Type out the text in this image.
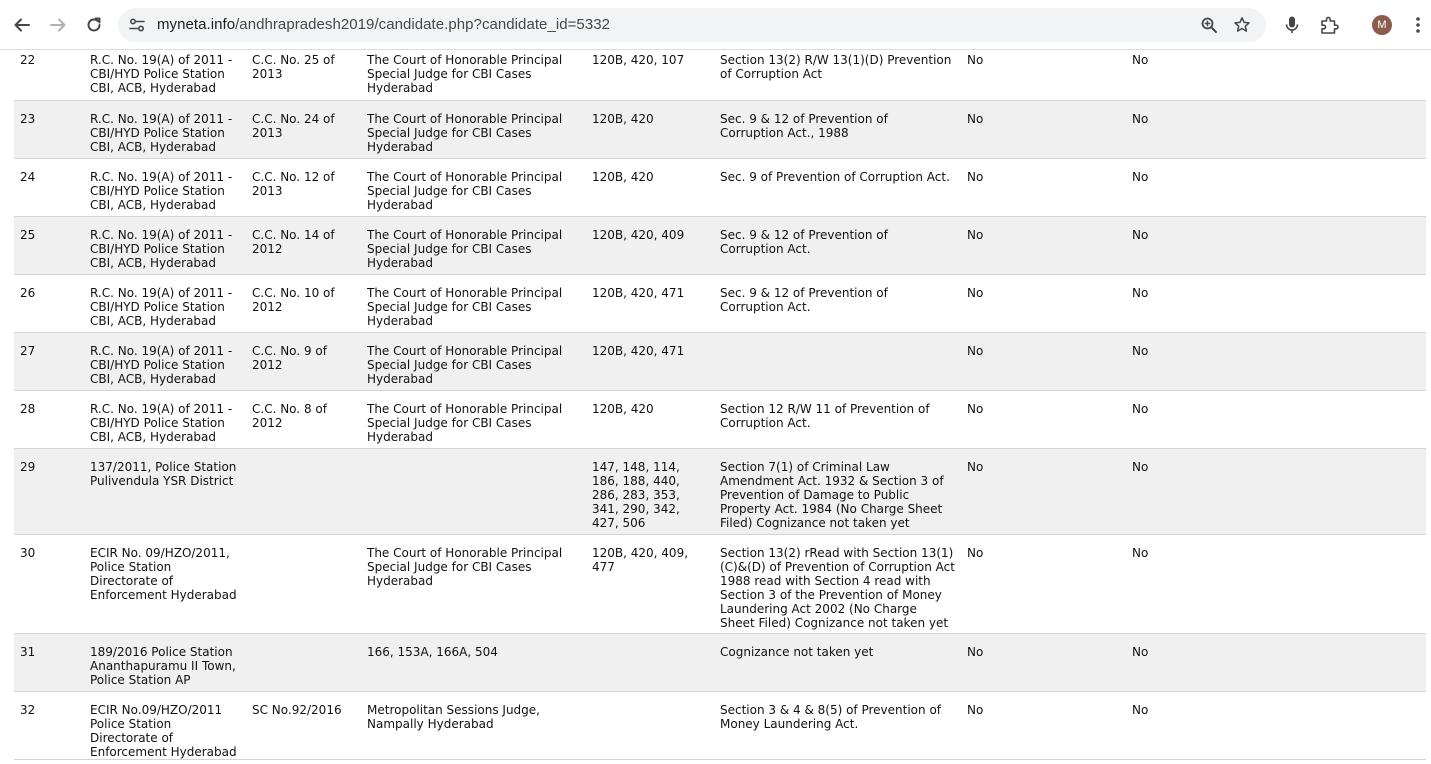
myneta.info/andhrapradesh2019/candidate.php?candidate_id=5332	M
22	R.C. No. 19(A) of 2011 - CBI/HYD Police Station CBI, ACB, Hyderabad	C.C. No. 25 of 2013	The Court of Honorable Principal Special Judge for CBI Cases Hyderabad	120B, 420, 107	Section 13(2) R/W 13(1)(D) Prevention of Corruption Act	No	No
23	R.C. No. 19(A) of 2011 - CBI/HYD Police Station CBI, ACB, Hyderabad	C.C. No. 24 of 2013	The Court of Honorable Principal Special Judge for CBI Cases Hyderabad	120B, 420	Sec. 9 & 12 of Prevention of Corruption Act., 1988	No	No
24	R.C. No. 19(A) of 2011 - CBI/HYD Police Station CBI, ACB, Hyderabad	C.C. No. 12 of 2013	The Court of Honorable Principal Special Judge for CBI Cases Hyderabad	120B, 420	Sec. 9 of Prevention of Corruption Act.	No	No
25	R.C. No. 19(A) of 2011 - CBI/HYD Police Station CBI, ACB, Hyderabad	C.C. No. 14 of 2012	The Court of Honorable Principal Special Judge for CBI Cases Hyderabad	120B, 420, 409	Sec. 9 & 12 of Prevention of Corruption Act.	No	No
26	R.C. No. 19(A) of 2011 - CBI/HYD Police Station CBI, ACB, Hyderabad	C.C. No. 10 of 2012	The Court of Honorable Principal Special Judge for CBI Cases Hyderabad	120B, 420, 471	Sec. 9 & 12 of Prevention of Corruption Act.	No	No
27	R.C. No. 19(A) of 2011 - CBI/HYD Police Station CBI, ACB, Hyderabad	C.C. No. 9 of 2012	The Court of Honorable Principal Special Judge for CBI Cases Hyderabad	120B, 420, 471		No	No
28	R.C. No. 19(A) of 2011 - CBI/HYD Police Station CBI, ACB, Hyderabad	C.C. No. 8 of 2012	The Court of Honorable Principal Special Judge for CBI Cases Hyderabad	120B, 420	Section 12 R/W 11 of Prevention of Corruption Act.	No	No
29	137/2011, Police Station Pulivendula YSR District			147, 148, 114, 186, 188, 440, 286, 283, 353, 341, 290, 342, 427, 506	Section 7(1) of Criminal Law Amendment Act. 1932 & Section 3 of Prevention of Damage to Public Property Act. 1984 (No Charge Sheet Filed) Cognizance not taken yet	No	No
30	ECIR No. 09/HZO/2011, Police Station Directorate of Enforcement Hyderabad		The Court of Honorable Principal Special Judge for CBI Cases Hyderabad	120B, 420, 409, 477	Section 13(2) rRead with Section 13(1)(C)&(D) of Prevention of Corruption Act 1988 read with Section 4 read with Section 3 of the Prevention of Money Laundering Act 2002 (No Charge Sheet Filed) Cognizance not taken yet	No	No
31	189/2016 Police Station Ananthapuramu II Town, Police Station AP		166, 153A, 166A, 504		Cognizance not taken yet	No	No
32	ECIR No.09/HZO/2011 Police Station Directorate of Enforcement Hyderabad	SC No.92/2016	Metropolitan Sessions Judge, Nampally Hyderabad		Section 3 & 4 & 8(5) of Prevention of Money Laundering Act.	No	No
